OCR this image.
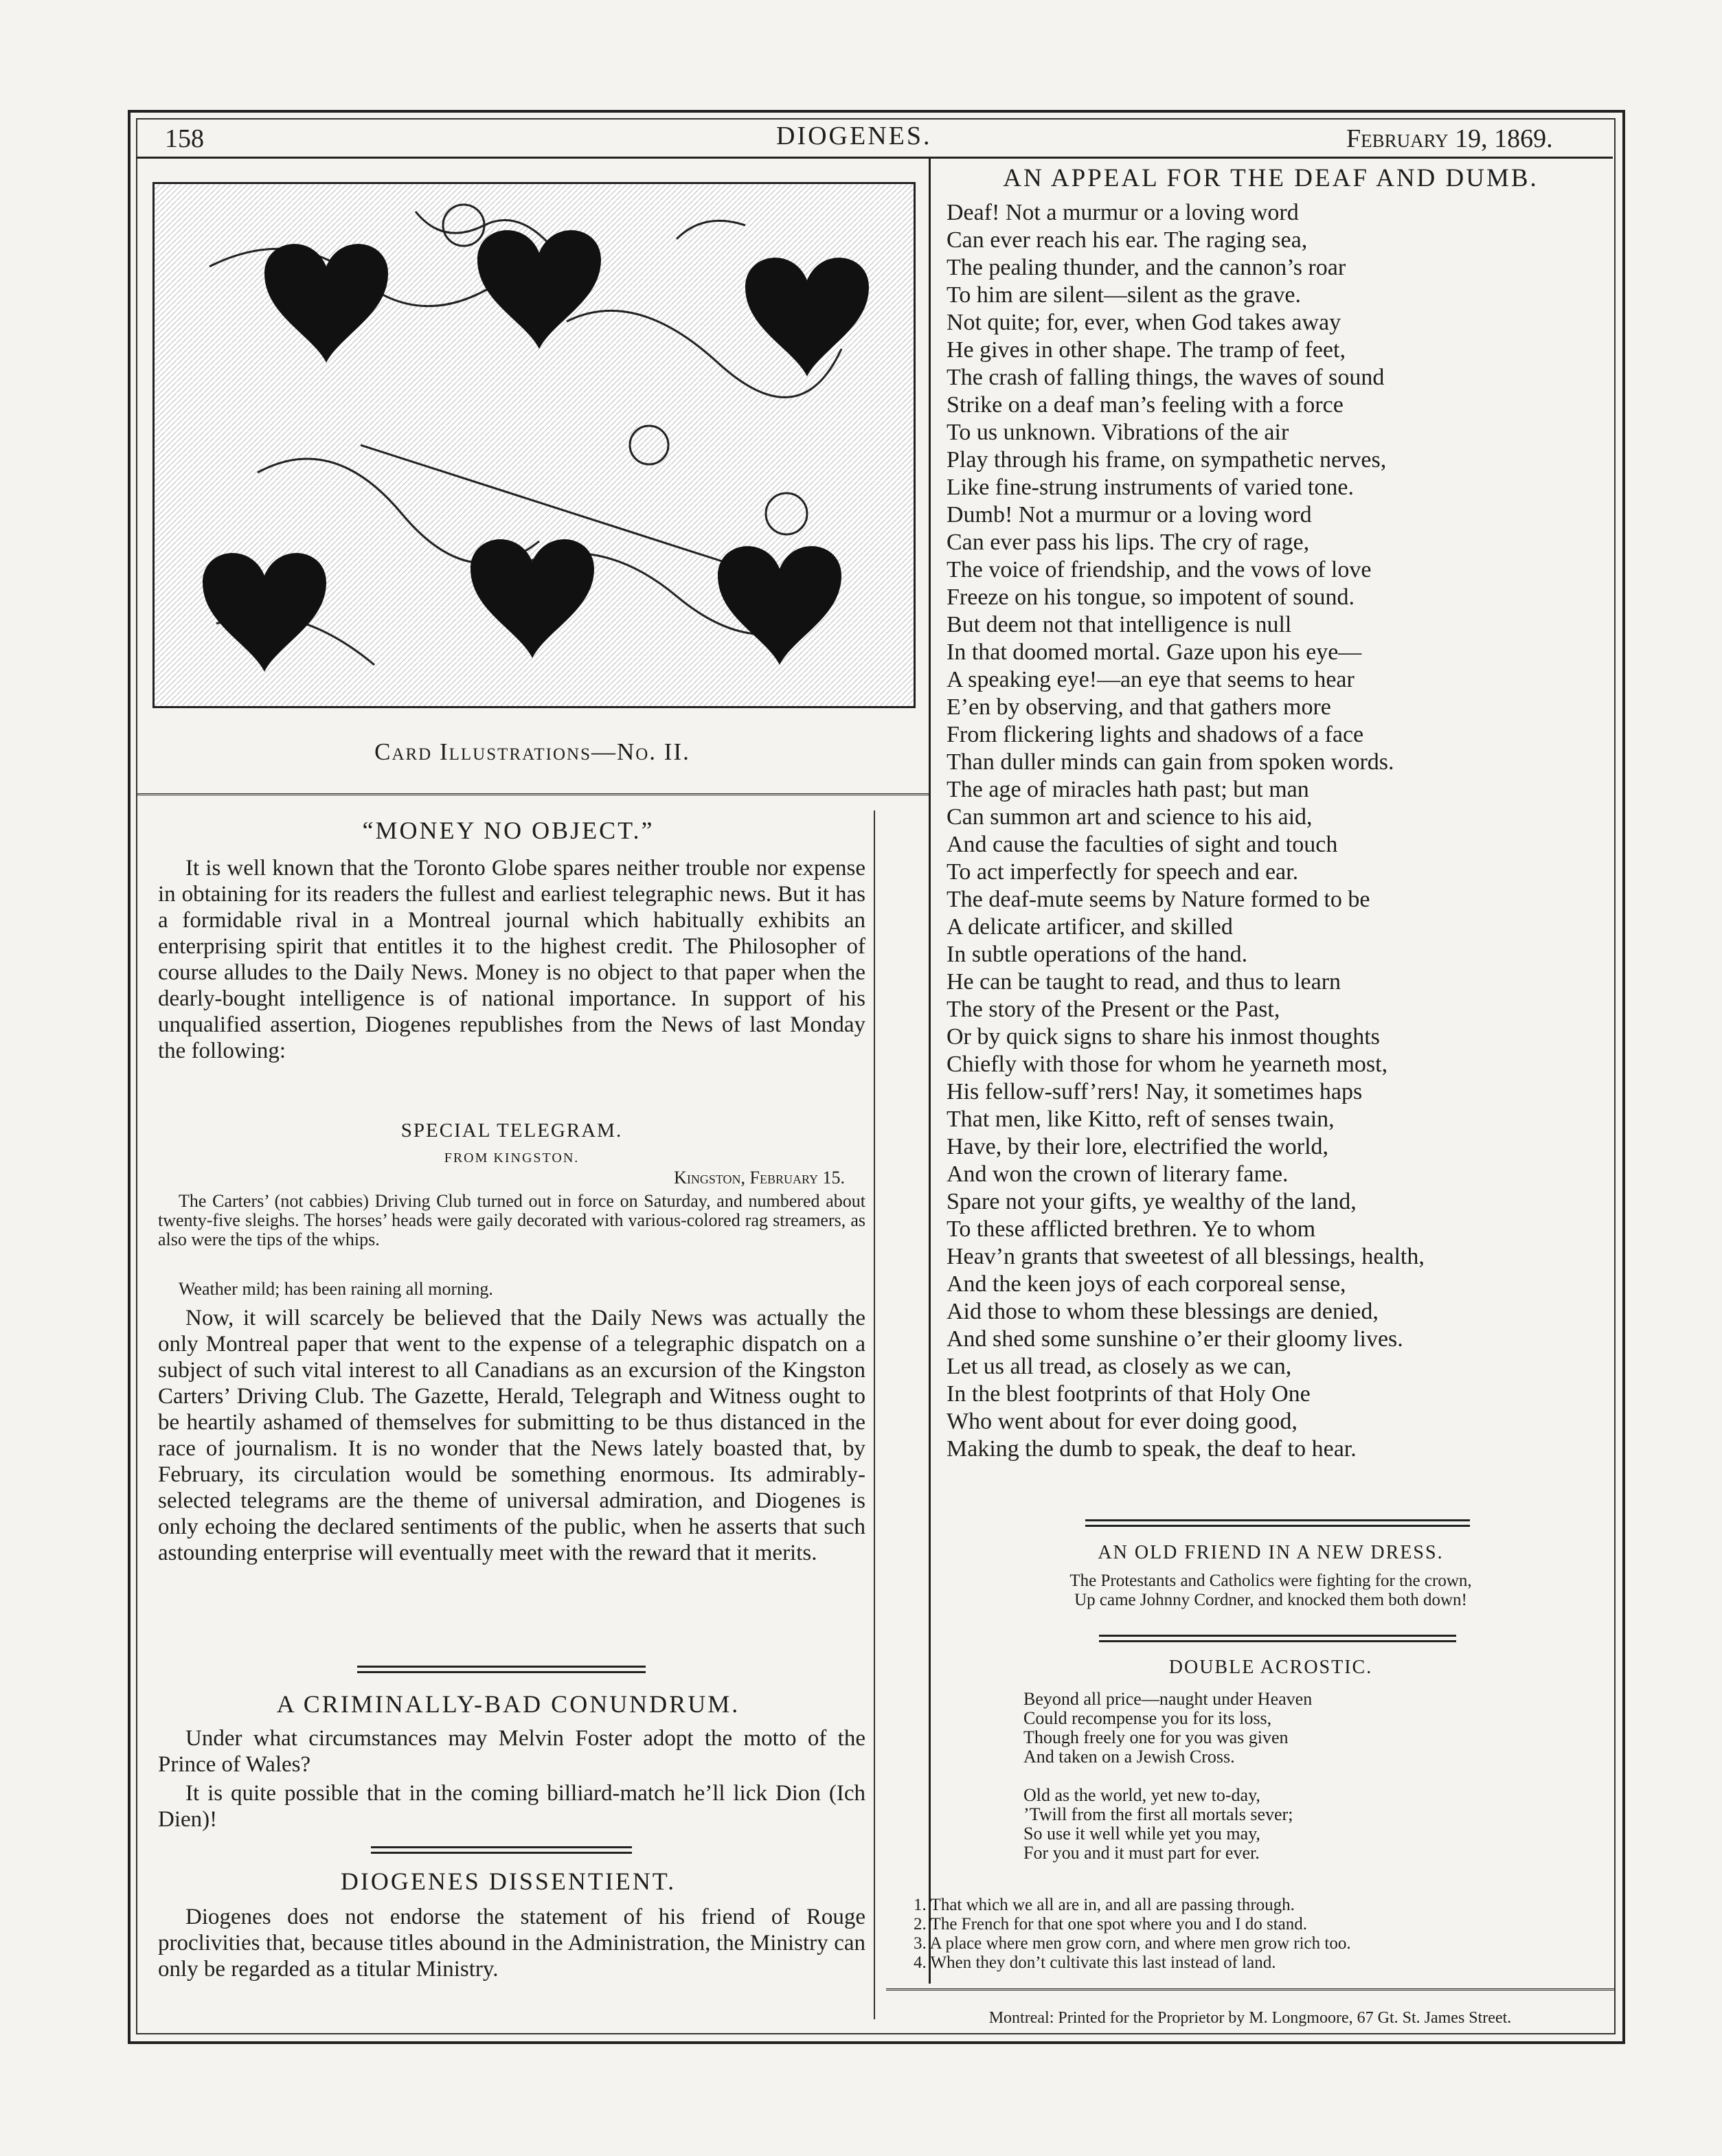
158	DIOGENES.	February 19, 1869.
Card Illustrations—No. II.
“MONEY NO OBJECT.”
It is well known that the Toronto Globe spares neither trouble nor expense in obtaining for its readers the fullest and earliest telegraphic news. But it has a formidable rival in a Montreal journal which habitually exhibits an enterprising spirit that entitles it to the highest credit. The Philosopher of course alludes to the Daily News. Money is no object to that paper when the dearly-bought intelligence is of national importance. In support of his unqualified assertion, Diogenes republishes from the News of last Monday the following:
SPECIAL TELEGRAM.
FROM KINGSTON.
Kingston, February 15.
The Carters’ (not cabbies) Driving Club turned out in force on Saturday, and numbered about twenty-five sleighs. The horses’ heads were gaily decorated with various-colored rag streamers, as also were the tips of the whips.
Weather mild; has been raining all morning.
Now, it will scarcely be believed that the Daily News was actually the only Montreal paper that went to the expense of a telegraphic dispatch on a subject of such vital interest to all Canadians as an excursion of the Kingston Carters’ Driving Club. The Gazette, Herald, Telegraph and Witness ought to be heartily ashamed of themselves for submitting to be thus distanced in the race of journalism. It is no wonder that the News lately boasted that, by February, its circulation would be something enormous. Its admirably-selected telegrams are the theme of universal admiration, and Diogenes is only echoing the declared sentiments of the public, when he asserts that such astounding enterprise will eventually meet with the reward that it merits.
A CRIMINALLY-BAD CONUNDRUM.
Under what circumstances may Melvin Foster adopt the motto of the Prince of Wales?
It is quite possible that in the coming billiard-match he’ll lick Dion (Ich Dien)!
DIOGENES DISSENTIENT.
Diogenes does not endorse the statement of his friend of Rouge proclivities that, because titles abound in the Administration, the Ministry can only be regarded as a titular Ministry.
AN APPEAL FOR THE DEAF AND DUMB.
Deaf! Not a murmur or a loving word
Can ever reach his ear. The raging sea,
The pealing thunder, and the cannon’s roar
To him are silent—silent as the grave.
Not quite; for, ever, when God takes away
He gives in other shape. The tramp of feet,
The crash of falling things, the waves of sound
Strike on a deaf man’s feeling with a force
To us unknown. Vibrations of the air
Play through his frame, on sympathetic nerves,
Like fine-strung instruments of varied tone.
Dumb! Not a murmur or a loving word
Can ever pass his lips. The cry of rage,
The voice of friendship, and the vows of love
Freeze on his tongue, so impotent of sound.
But deem not that intelligence is null
In that doomed mortal. Gaze upon his eye—
A speaking eye!—an eye that seems to hear
E’en by observing, and that gathers more
From flickering lights and shadows of a face
Than duller minds can gain from spoken words.
The age of miracles hath past; but man
Can summon art and science to his aid,
And cause the faculties of sight and touch
To act imperfectly for speech and ear.
The deaf-mute seems by Nature formed to be
A delicate artificer, and skilled
In subtle operations of the hand.
He can be taught to read, and thus to learn
The story of the Present or the Past,
Or by quick signs to share his inmost thoughts
Chiefly with those for whom he yearneth most,
His fellow-suff’rers! Nay, it sometimes haps
That men, like Kitto, reft of senses twain,
Have, by their lore, electrified the world,
And won the crown of literary fame.
Spare not your gifts, ye wealthy of the land,
To these afflicted brethren. Ye to whom
Heav’n grants that sweetest of all blessings, health,
And the keen joys of each corporeal sense,
Aid those to whom these blessings are denied,
And shed some sunshine o’er their gloomy lives.
Let us all tread, as closely as we can,
In the blest footprints of that Holy One
Who went about for ever doing good,
Making the dumb to speak, the deaf to hear.
AN OLD FRIEND IN A NEW DRESS.
The Protestants and Catholics were fighting for the crown,
Up came Johnny Cordner, and knocked them both down!
DOUBLE ACROSTIC.
Beyond all price—naught under Heaven
Could recompense you for its loss,
Though freely one for you was given
And taken on a Jewish Cross.
Old as the world, yet new to-day,
’Twill from the first all mortals sever;
So use it well while yet you may,
For you and it must part for ever.
1. That which we all are in, and all are passing through.
2. The French for that one spot where you and I do stand.
3. A place where men grow corn, and where men grow rich too.
4. When they don’t cultivate this last instead of land.
Montreal: Printed for the Proprietor by M. Longmoore, 67 Gt. St. James Street.
